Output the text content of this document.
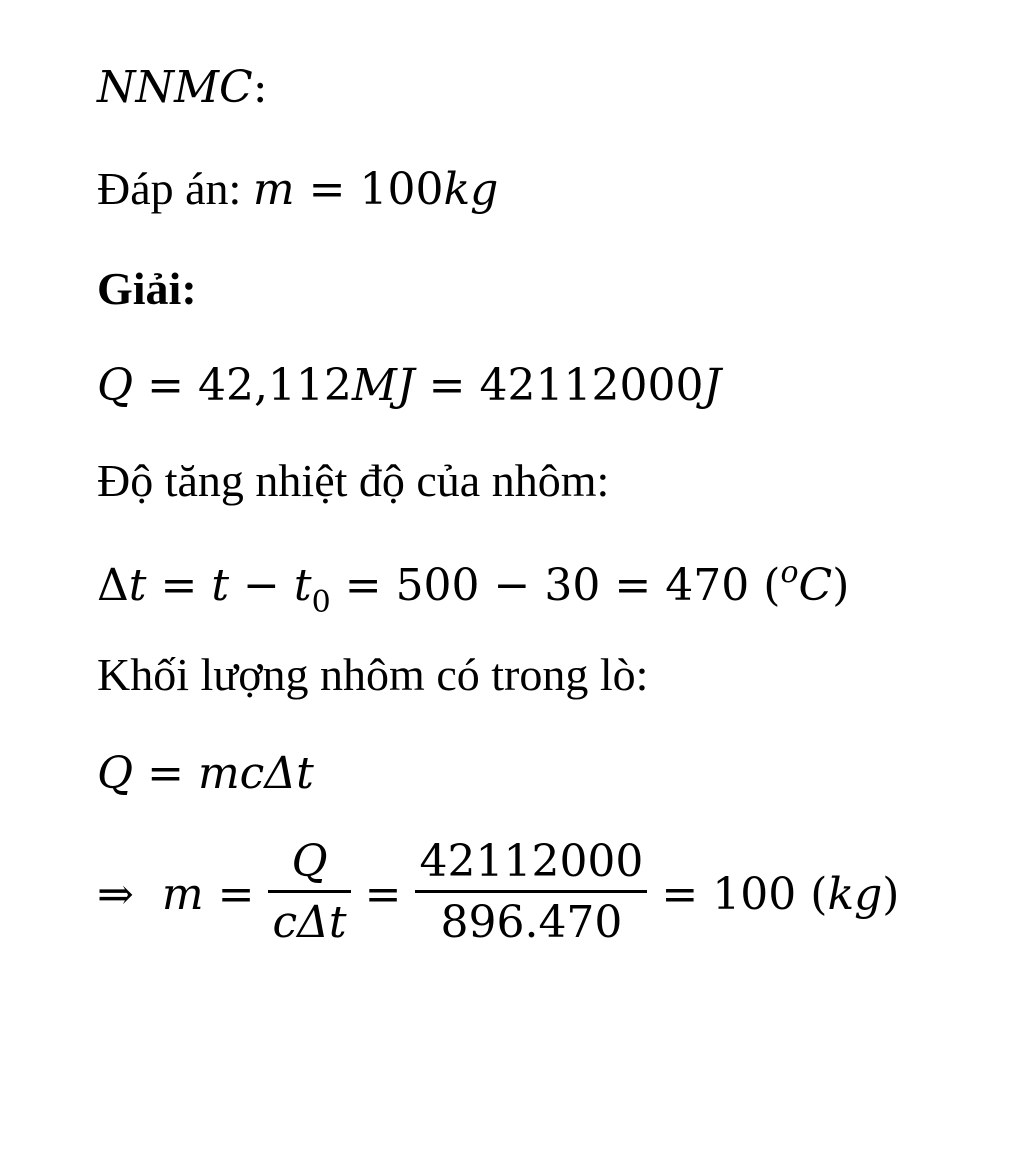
NNMC:
Đáp án: m = 100kg
Giải:
Q = 42,112MJ = 42112000J
Độ tăng nhiệt độ của nhôm:
$\Delta t = t - t_0 = 500 - 30 = 470$ ($^o$C)
Khối lượng nhôm có trong lò:
Q = mcΔt
⇒ $m = \frac{Q}{\text{cΔt}} = \frac{42112000}{896.470} = 100$ ( kg )
